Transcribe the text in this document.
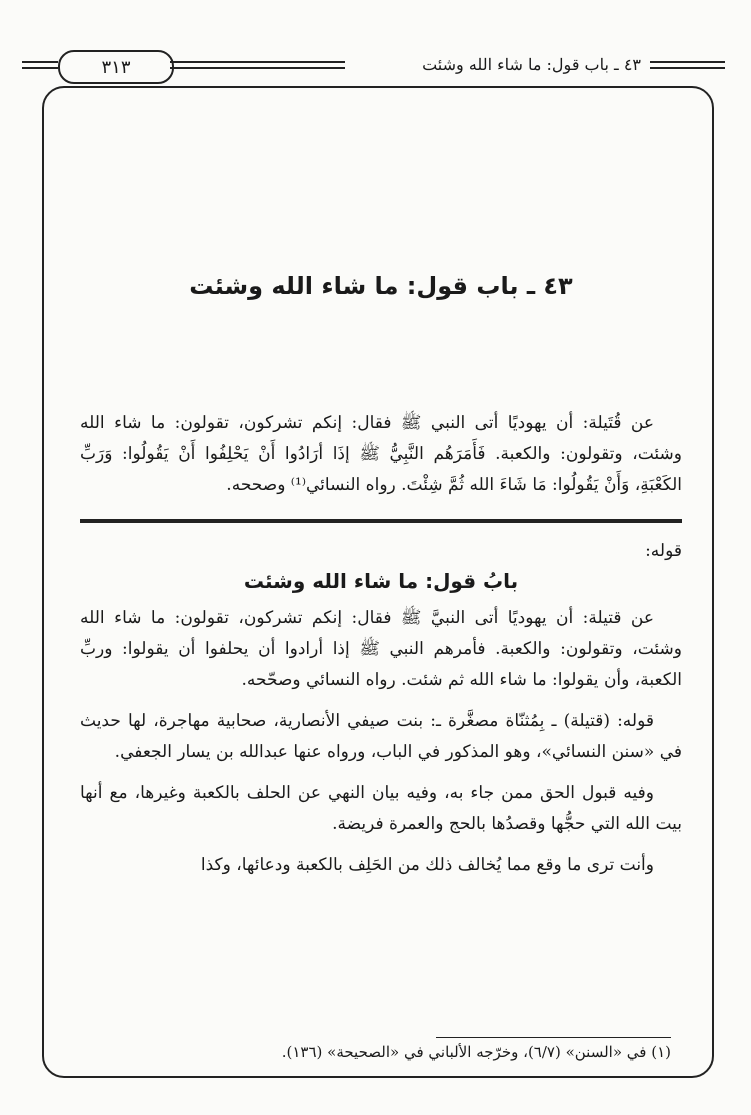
٣١٣	٤٣ ـ باب قول: ما شاء الله وشئت
٤٣ ـ باب قول: ما شاء الله وشئت

عن قُتَيلة: أن يهوديًا أتى النبي ﷺ فقال: إنكم تشركون، تقولون: ما شاء الله وشئت، وتقولون: والكعبة. فَأَمَرَهُم النَّبِيُّ ﷺ إذَا أرَادُوا أَنْ يَحْلِفُوا أَنْ يَقُولُوا: وَرَبِّ الكَعْبَةِ، وَأَنْ يَقُولُوا: مَا شَاءَ الله ثُمَّ شِئْتَ. رواه النسائي⁽¹⁾ وصححه.

قوله:

بابُ قول: ما شاء الله وشئت

عن قتيلة: أن يهوديًا أتى النبيَّ ﷺ فقال: إنكم تشركون، تقولون: ما شاء الله وشئت، وتقولون: والكعبة. فأمرهم النبي ﷺ إذا أرادوا أن يحلفوا أن يقولوا: وربِّ الكعبة، وأن يقولوا: ما شاء الله ثم شئت. رواه النسائي وصحّحه.

قوله: (قتيلة) ـ بِمُثنّاة مصغَّرة ـ: بنت صيفي الأنصارية، صحابية مهاجرة، لها حديث في «سنن النسائي»، وهو المذكور في الباب، ورواه عنها عبدالله بن يسار الجعفي.

وفيه قبول الحق ممن جاء به، وفيه بيان النهي عن الحلف بالكعبة وغيرها، مع أنها بيت الله التي حجُّها وقصدُها بالحج والعمرة فريضة.

وأنت ترى ما وقع مما يُخالف ذلك من الحَلِف بالكعبة ودعائها، وكذا

(١) في «السنن» (٦/٧)، وخرّجه الألباني في «الصحيحة» (١٣٦).
